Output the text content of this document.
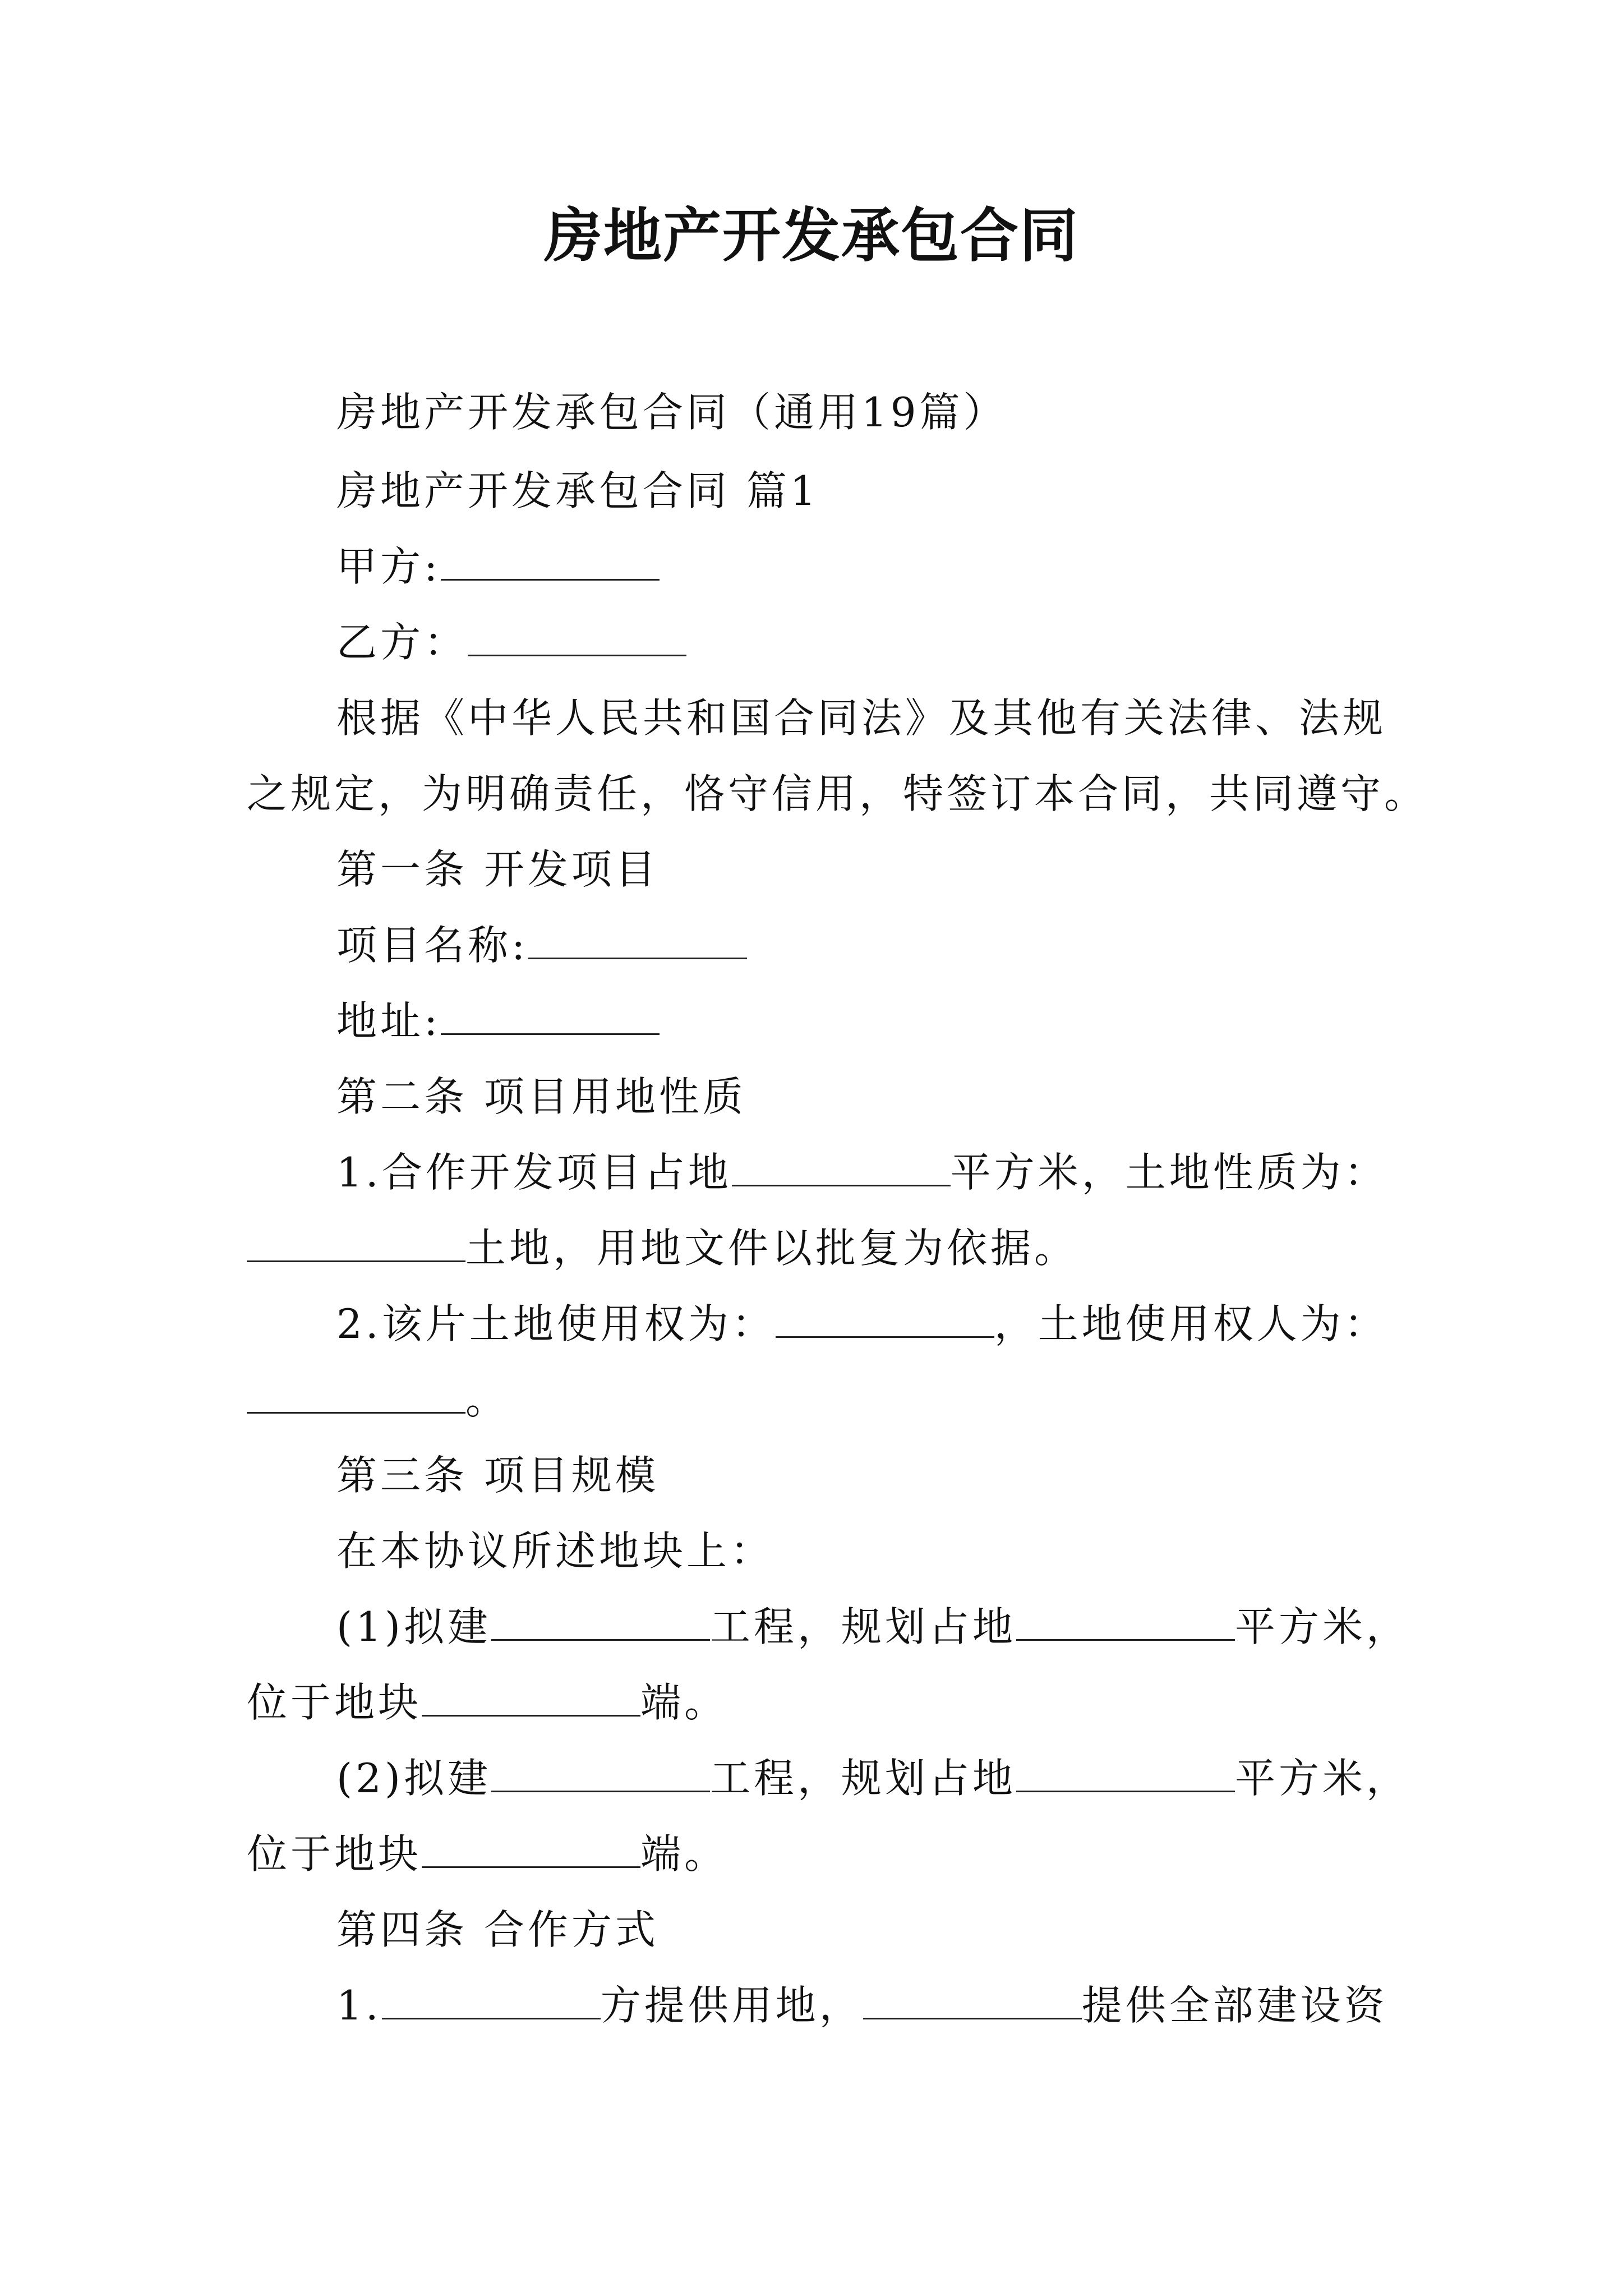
房地产开发承包合同
房地产开发承包合同（通用19篇）
房地产开发承包合同 篇1
甲方:
乙方：
根据《中华人民共和国合同法》及其他有关法律、法规
之规定，为明确责任，恪守信用，特签订本合同，共同遵守。
第一条 开发项目
项目名称:
地址:
第二条 项目用地性质
1.合作开发项目占地	平方米，土地性质为：
土地，用地文件以批复为依据。
2.该片土地使用权为：	，土地使用权人为：
。
第三条 项目规模
在本协议所述地块上：
(1)拟建	工程，规划占地	平方米，
位于地块	端。
(2)拟建	工程，规划占地	平方米，
位于地块	端。
第四条 合作方式
1.	方提供用地，	提供全部建设资
